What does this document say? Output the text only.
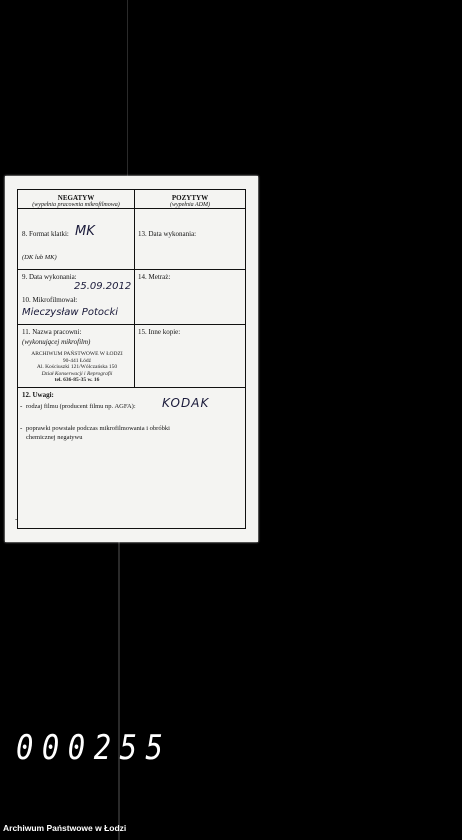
NEGATYW
(wypełnia pracownia mikrofilmowa)
POZYTYW
(wypełnia ADM)
8. Format klatki: MK
(DK lub MK)
13. Data wykonania:
9. Data wykonania:
25.09.2012
14. Metraż:
10. Mikrofilmował:
Mieczysław Potocki
11. Nazwa pracowni:
(wykonującej mikrofilm)
ARCHIWUM PAŃSTWOWE W ŁODZI
90-441 Łódź
Al. Kościuszki 121/Wólczańska 150
Dział Konserwacji i Reprografii
tel. 636-85-35 w. 16
15. Inne kopie:
12. Uwagi:
- rodzaj filmu (producent filmu np. AGFA): KODAK
- poprawki powstałe podczas mikrofilmowania i obróbki
chemicznej negatywu
-
000255
Archiwum Państwowe w Łodzi
